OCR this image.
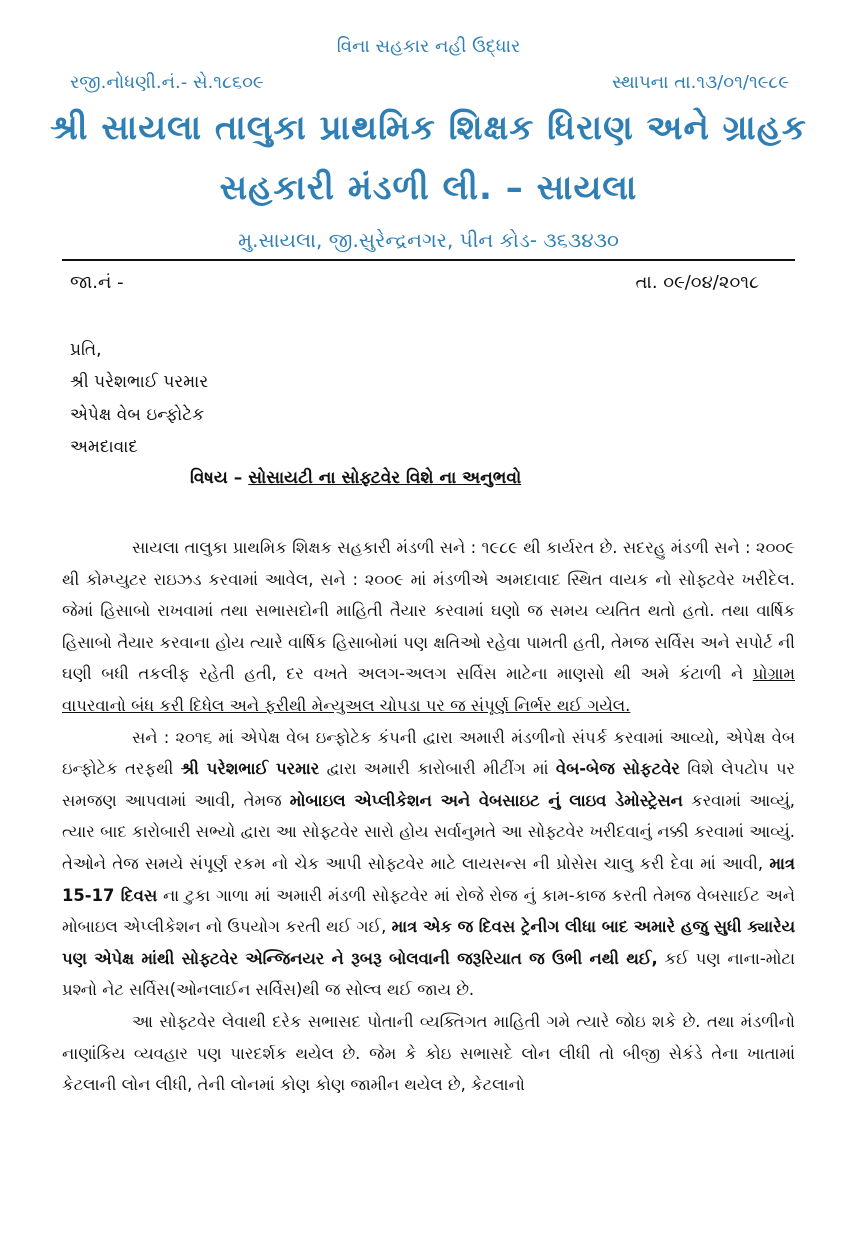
વિના સહકાર નહી ઉદ્ધાર
રજી.નોધણી.નં.- સે.૧૮૬૦૯	સ્થાપના તા.૧૩/૦૧/૧૯૮૯
શ્રી સાયલા તાલુકા પ્રાથમિક શિક્ષક ધિરાણ અને ગ્રાહક
સહકારી મંડળી લી. – સાયલા
મુ.સાયલા, જી.સુરેન્દ્રનગર, પીન કોડ- ૩૬૩૪૩૦
જા.નં -	તા. ૦૯/૦૪/૨૦૧૮
પ્રતિ,
શ્રી પરેશભાઈ પરમાર
એપેક્ષ વેબ ઇન્ફોટેક
અમદાવાદ
વિષય – સોસાયટી ના સોફ્ટવેર વિશે ના અનુભવો

સાયલા તાલુકા પ્રાથમિક શિક્ષક સહકારી મંડળી સને : ૧૯૮૯ થી કાર્યરત છે. સદરહુ મંડળી સને : ૨૦૦૯ થી કોમ્પ્યુટર રાઇઝડ કરવામાં આવેલ, સને : ૨૦૦૯ માં મંડળીએ અમદાવાદ સ્થિત વાયક નો સોફ્ટવેર ખરીદેલ. જેમાં હિસાબો રાખવામાં તથા સભાસદોની માહિતી તૈયાર કરવામાં ઘણો જ સમય વ્યતિત થતો હતો. તથા વાર્ષિક હિસાબો તૈયાર કરવાના હોય ત્યારે વાર્ષિક હિસાબોમાં પણ ક્ષતિઓ રહેવા પામતી હતી, તેમજ સર્વિસ અને સપોર્ટ ની ઘણી બધી તકલીફ રહેતી હતી, દર વખતે અલગ-અલગ સર્વિસ માટેના માણસો થી અમે કંટાળી ને પ્રોગ્રામ વાપરવાનો બંધ કરી દિધેલ અને ફરીથી મેન્યુઅલ ચોપડા પર જ સંપૂર્ણ નિર્ભર થઈ ગયેલ.

સને : ૨૦૧૬ માં એપેક્ષ વેબ ઇન્ફોટેક કંપની દ્વારા અમારી મંડળીનો સંપર્ક કરવામાં આવ્યો, એપેક્ષ વેબ ઇન્ફોટેક તરફથી શ્રી પરેશભાઈ પરમાર દ્વારા અમારી કારોબારી મીટીંગ માં વેબ-બેજ સોફટવેર વિશે લેપટોપ પર સમજણ આપવામાં આવી, તેમજ મોબાઇલ એપ્લીકેશન અને વેબસાઇટ નું લાઇવ ડેમોસ્ટ્રેસન કરવામાં આવ્યું, ત્યાર બાદ કારોબારી સભ્યો દ્વારા આ સોફ્ટવેર સારો હોય સર્વાનુમતે આ સોફ્ટવેર ખરીદવાનું નક્કી કરવામાં આવ્યું. તેઓને તેજ સમયે સંપૂર્ણ રકમ નો ચેક આપી સોફ્ટવેર માટે લાયસન્સ ની પ્રોસેસ ચાલુ કરી દેવા માં આવી, માત્ર 15-17 દિવસ ના ટુકા ગાળા માં અમારી મંડળી સોફ્ટવેર માં રોજે રોજ નું કામ-કાજ કરતી તેમજ વેબસાઈટ અને મોબાઇલ એપ્લીકેશન નો ઉપયોગ કરતી થઈ ગઈ, માત્ર એક જ દિવસ ટ્રેનીગ લીધા બાદ અમારે હજુ સુધી ક્યારેય પણ એપેક્ષ માંથી સોફ્ટવેર એન્જિનયર ને રૂબરૂ બોલવાની જરૂરિયાત જ ઉભી નથી થઈ, કઈ પણ નાના-મોટા પ્રશ્નો નેટ સર્વિસ(ઓનલાઈન સર્વિસ)થી જ સોલ્વ થઈ જાય છે.

આ સોફ્ટવેર લેવાથી દરેક સભાસદ પોતાની વ્યક્તિગત માહિતી ગમે ત્યારે જોઇ શકે છે. તથા મંડળીનો નાણાંકિય વ્યવહાર પણ પારદર્શક થયેલ છે. જેમ કે કોઇ સભાસદે લોન લીધી તો બીજી સેકંડે તેના ખાતામાં કેટલાની લોન લીધી, તેની લોનમાં કોણ કોણ જામીન થયેલ છે, કેટલાનો
